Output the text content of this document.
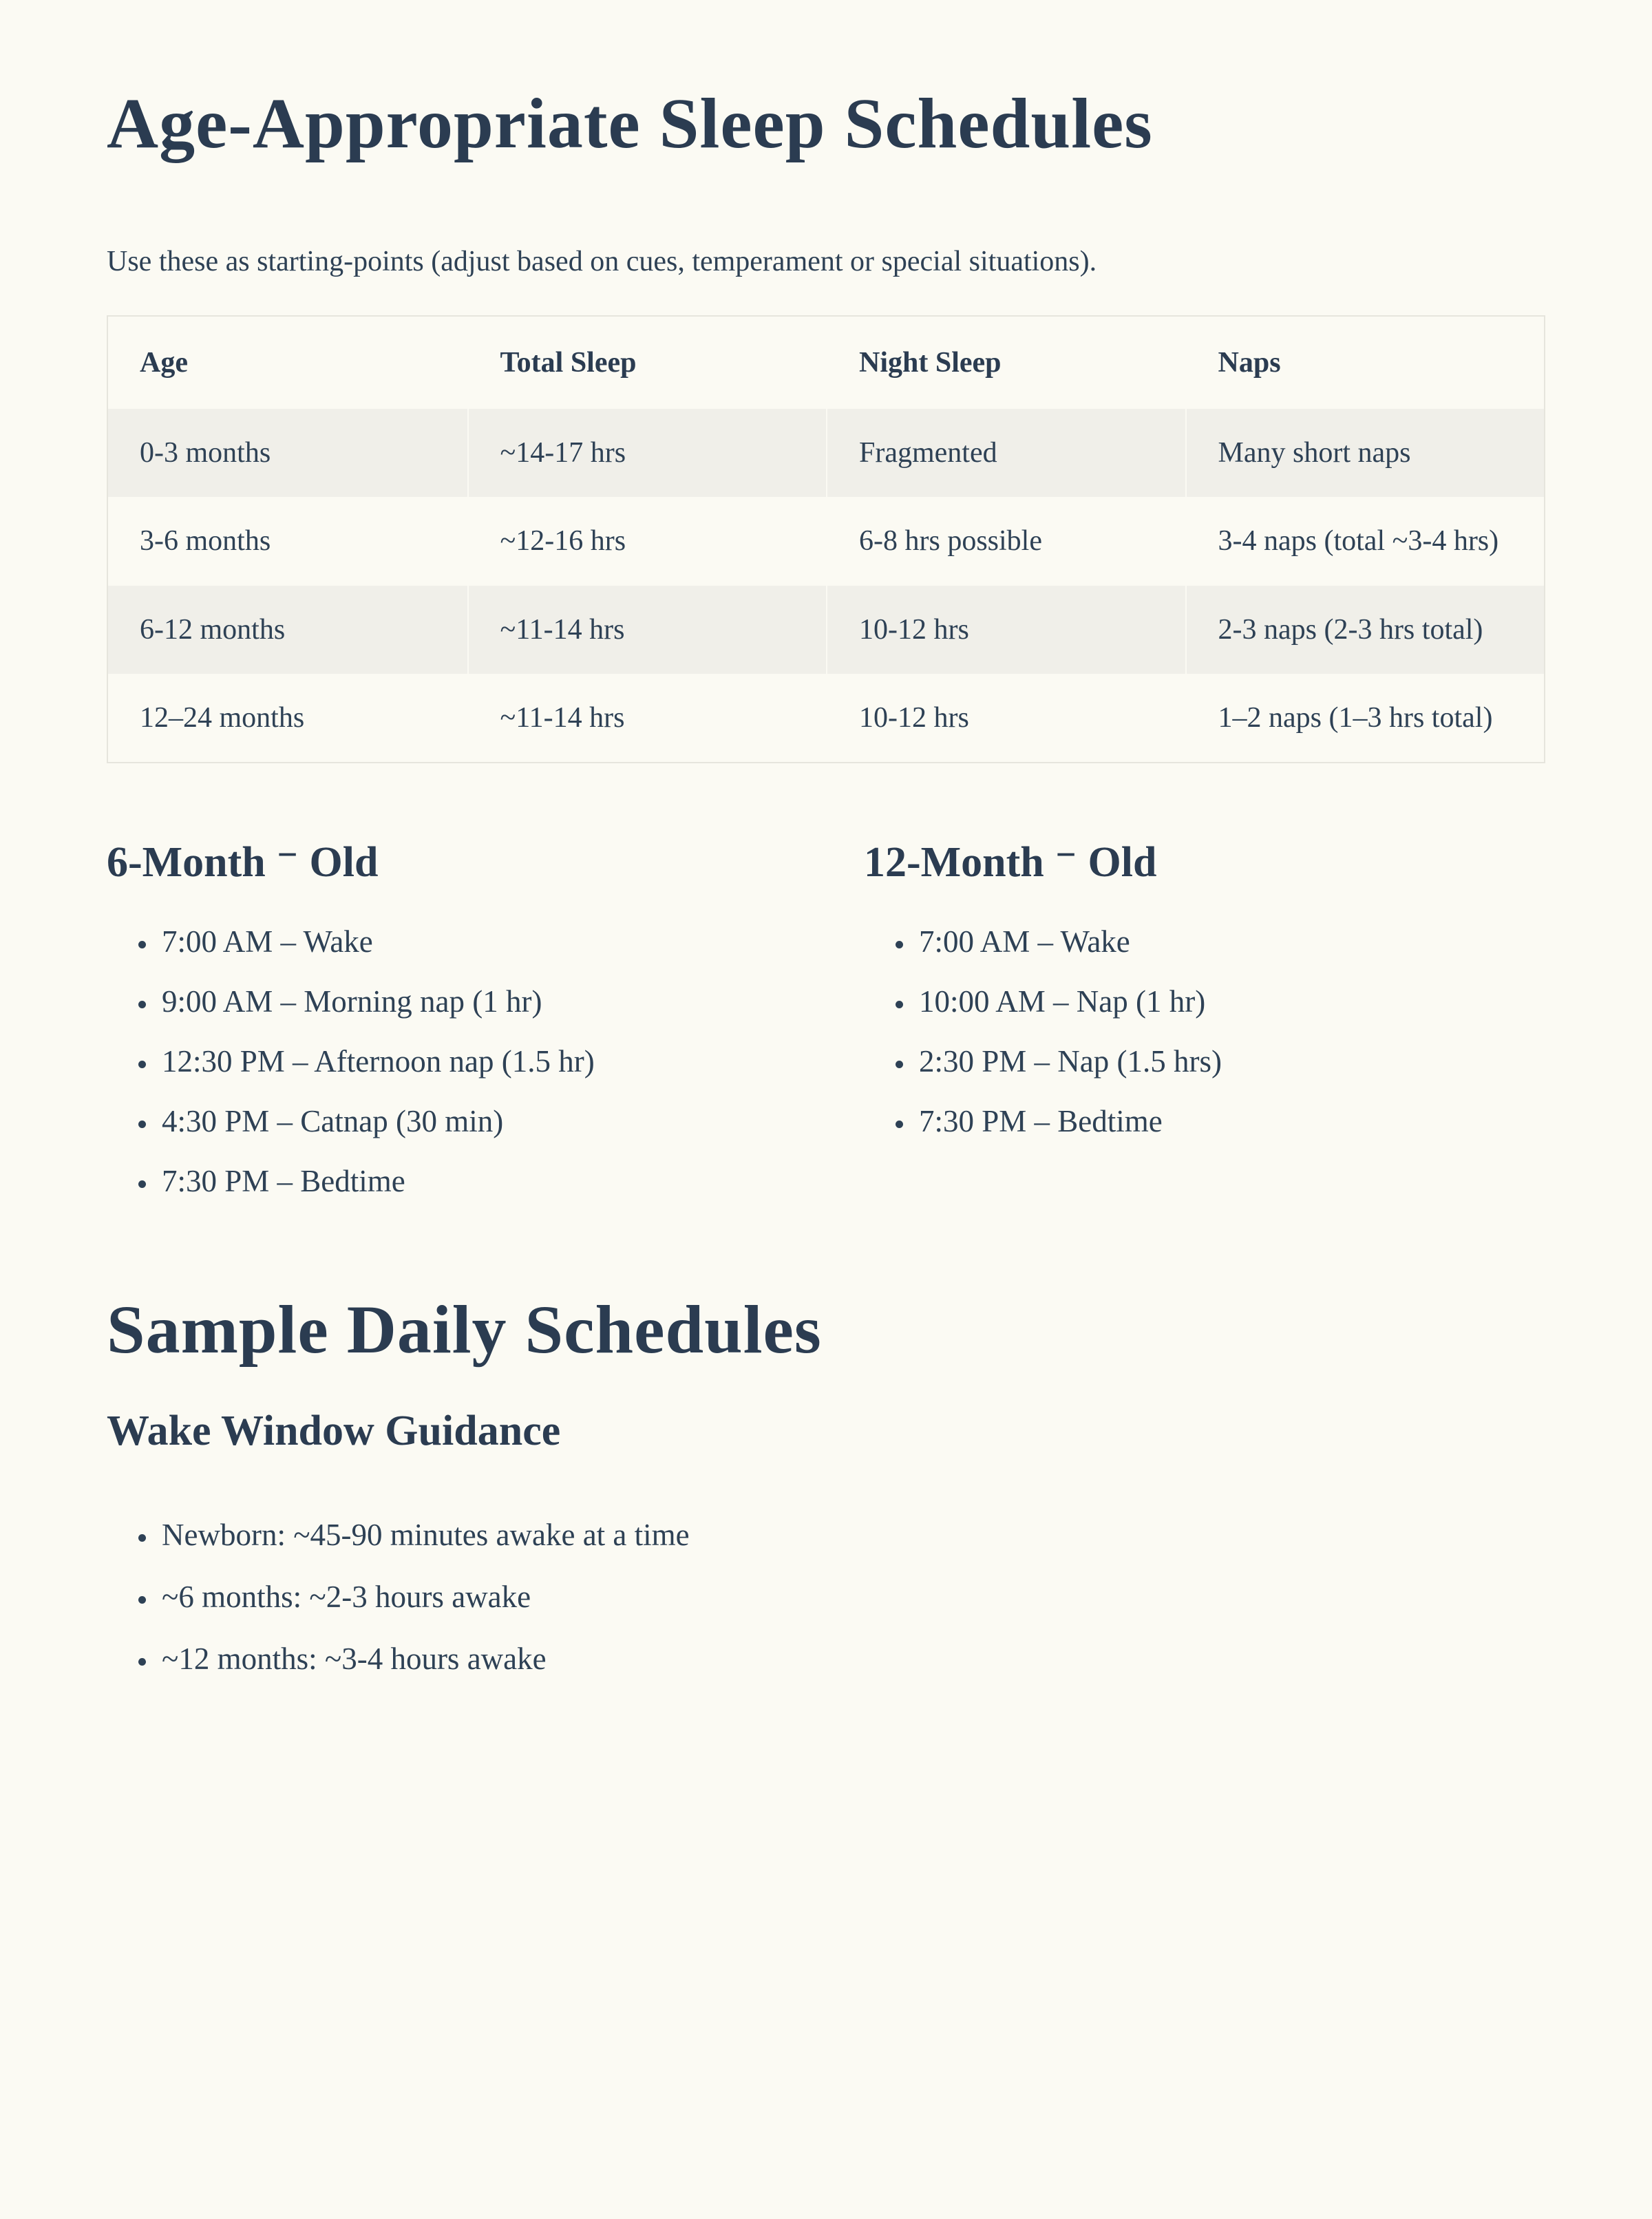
Age-Appropriate Sleep Schedules

Use these as starting-points (adjust based on cues, temperament or special situations).

Age	Total Sleep	Night Sleep	Naps
0-3 months	~14-17 hrs	Fragmented	Many short naps
3-6 months	~12-16 hrs	6-8 hrs possible	3-4 naps (total ~3-4 hrs)
6-12 months	~11-14 hrs	10-12 hrs	2-3 naps (2-3 hrs total)
12–24 months	~11-14 hrs	10-12 hrs	1–2 naps (1–3 hrs total)
6-Month ⁻ Old
• 7:00 AM – Wake
• 9:00 AM – Morning nap (1 hr)
• 12:30 PM – Afternoon nap (1.5 hr)
• 4:30 PM – Catnap (30 min)
• 7:30 PM – Bedtime
12-Month ⁻ Old
• 7:00 AM – Wake
• 10:00 AM – Nap (1 hr)
• 2:30 PM – Nap (1.5 hrs)
• 7:30 PM – Bedtime
Sample Daily Schedules
Wake Window Guidance
• Newborn: ~45-90 minutes awake at a time
• ~6 months: ~2-3 hours awake
• ~12 months: ~3-4 hours awake
